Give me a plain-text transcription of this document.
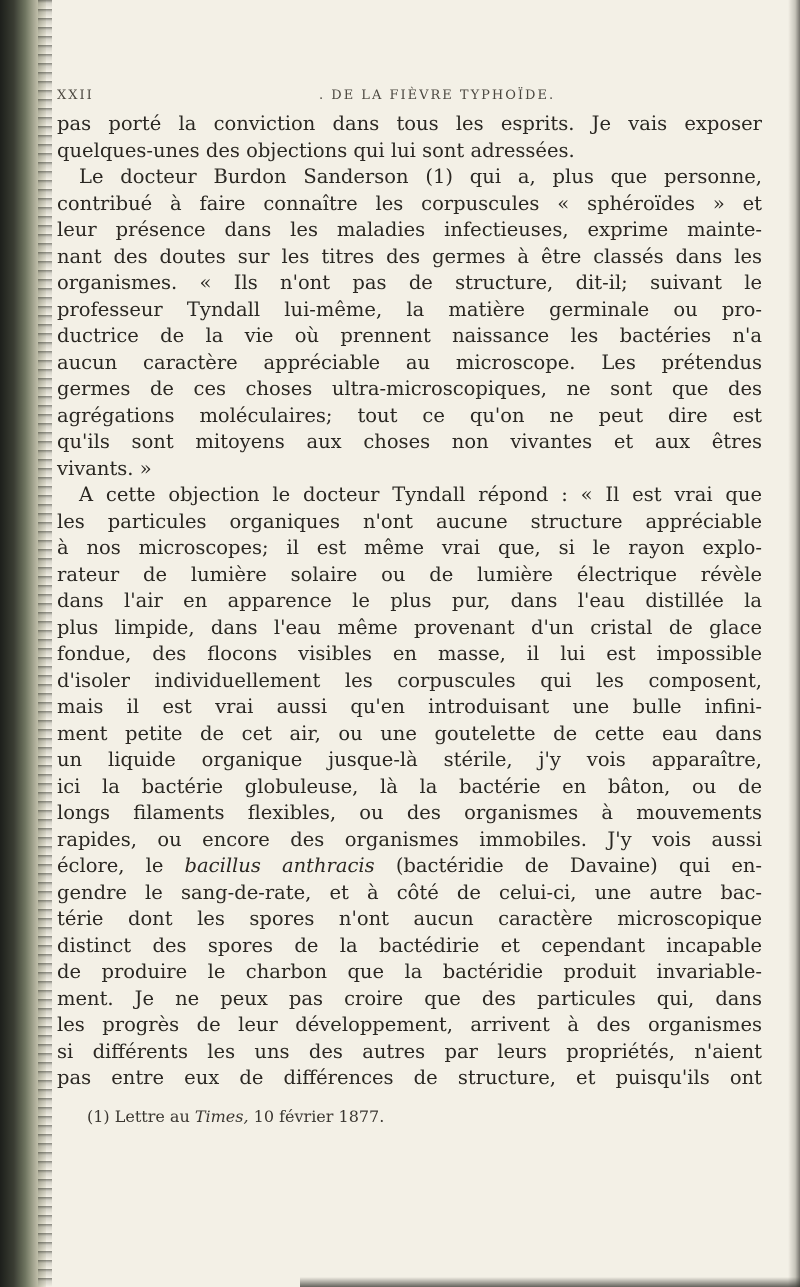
XXII	. DE LA FIÈVRE TYPHOÏDE.
pas porté la conviction dans tous les esprits. Je vais exposer
quelques-unes des objections qui lui sont adressées.
Le docteur Burdon Sanderson (1) qui a, plus que personne,
contribué à faire connaître les corpuscules « sphéroïdes » et
leur présence dans les maladies infectieuses, exprime mainte-
nant des doutes sur les titres des germes à être classés dans les
organismes. « Ils n'ont pas de structure, dit-il; suivant le
professeur Tyndall lui-même, la matière germinale ou pro-
ductrice de la vie où prennent naissance les bactéries n'a
aucun caractère appréciable au microscope. Les prétendus
germes de ces choses ultra-microscopiques, ne sont que des
agrégations moléculaires; tout ce qu'on ne peut dire est
qu'ils sont mitoyens aux choses non vivantes et aux êtres
vivants. »
A cette objection le docteur Tyndall répond : « Il est vrai que
les particules organiques n'ont aucune structure appréciable
à nos microscopes; il est même vrai que, si le rayon explo-
rateur de lumière solaire ou de lumière électrique révèle
dans l'air en apparence le plus pur, dans l'eau distillée la
plus limpide, dans l'eau même provenant d'un cristal de glace
fondue, des flocons visibles en masse, il lui est impossible
d'isoler individuellement les corpuscules qui les composent,
mais il est vrai aussi qu'en introduisant une bulle infini-
ment petite de cet air, ou une goutelette de cette eau dans
un liquide organique jusque-là stérile, j'y vois apparaître,
ici la bactérie globuleuse, là la bactérie en bâton, ou de
longs filaments flexibles, ou des organismes à mouvements
rapides, ou encore des organismes immobiles. J'y vois aussi
éclore, le bacillus anthracis (bactéridie de Davaine) qui en-
gendre le sang-de-rate, et à côté de celui-ci, une autre bac-
térie dont les spores n'ont aucun caractère microscopique
distinct des spores de la bactédirie et cependant incapable
de produire le charbon que la bactéridie produit invariable-
ment. Je ne peux pas croire que des particules qui, dans
les progrès de leur développement, arrivent à des organismes
si différents les uns des autres par leurs propriétés, n'aient
pas entre eux de différences de structure, et puisqu'ils ont
(1) Lettre au Times, 10 février 1877.
